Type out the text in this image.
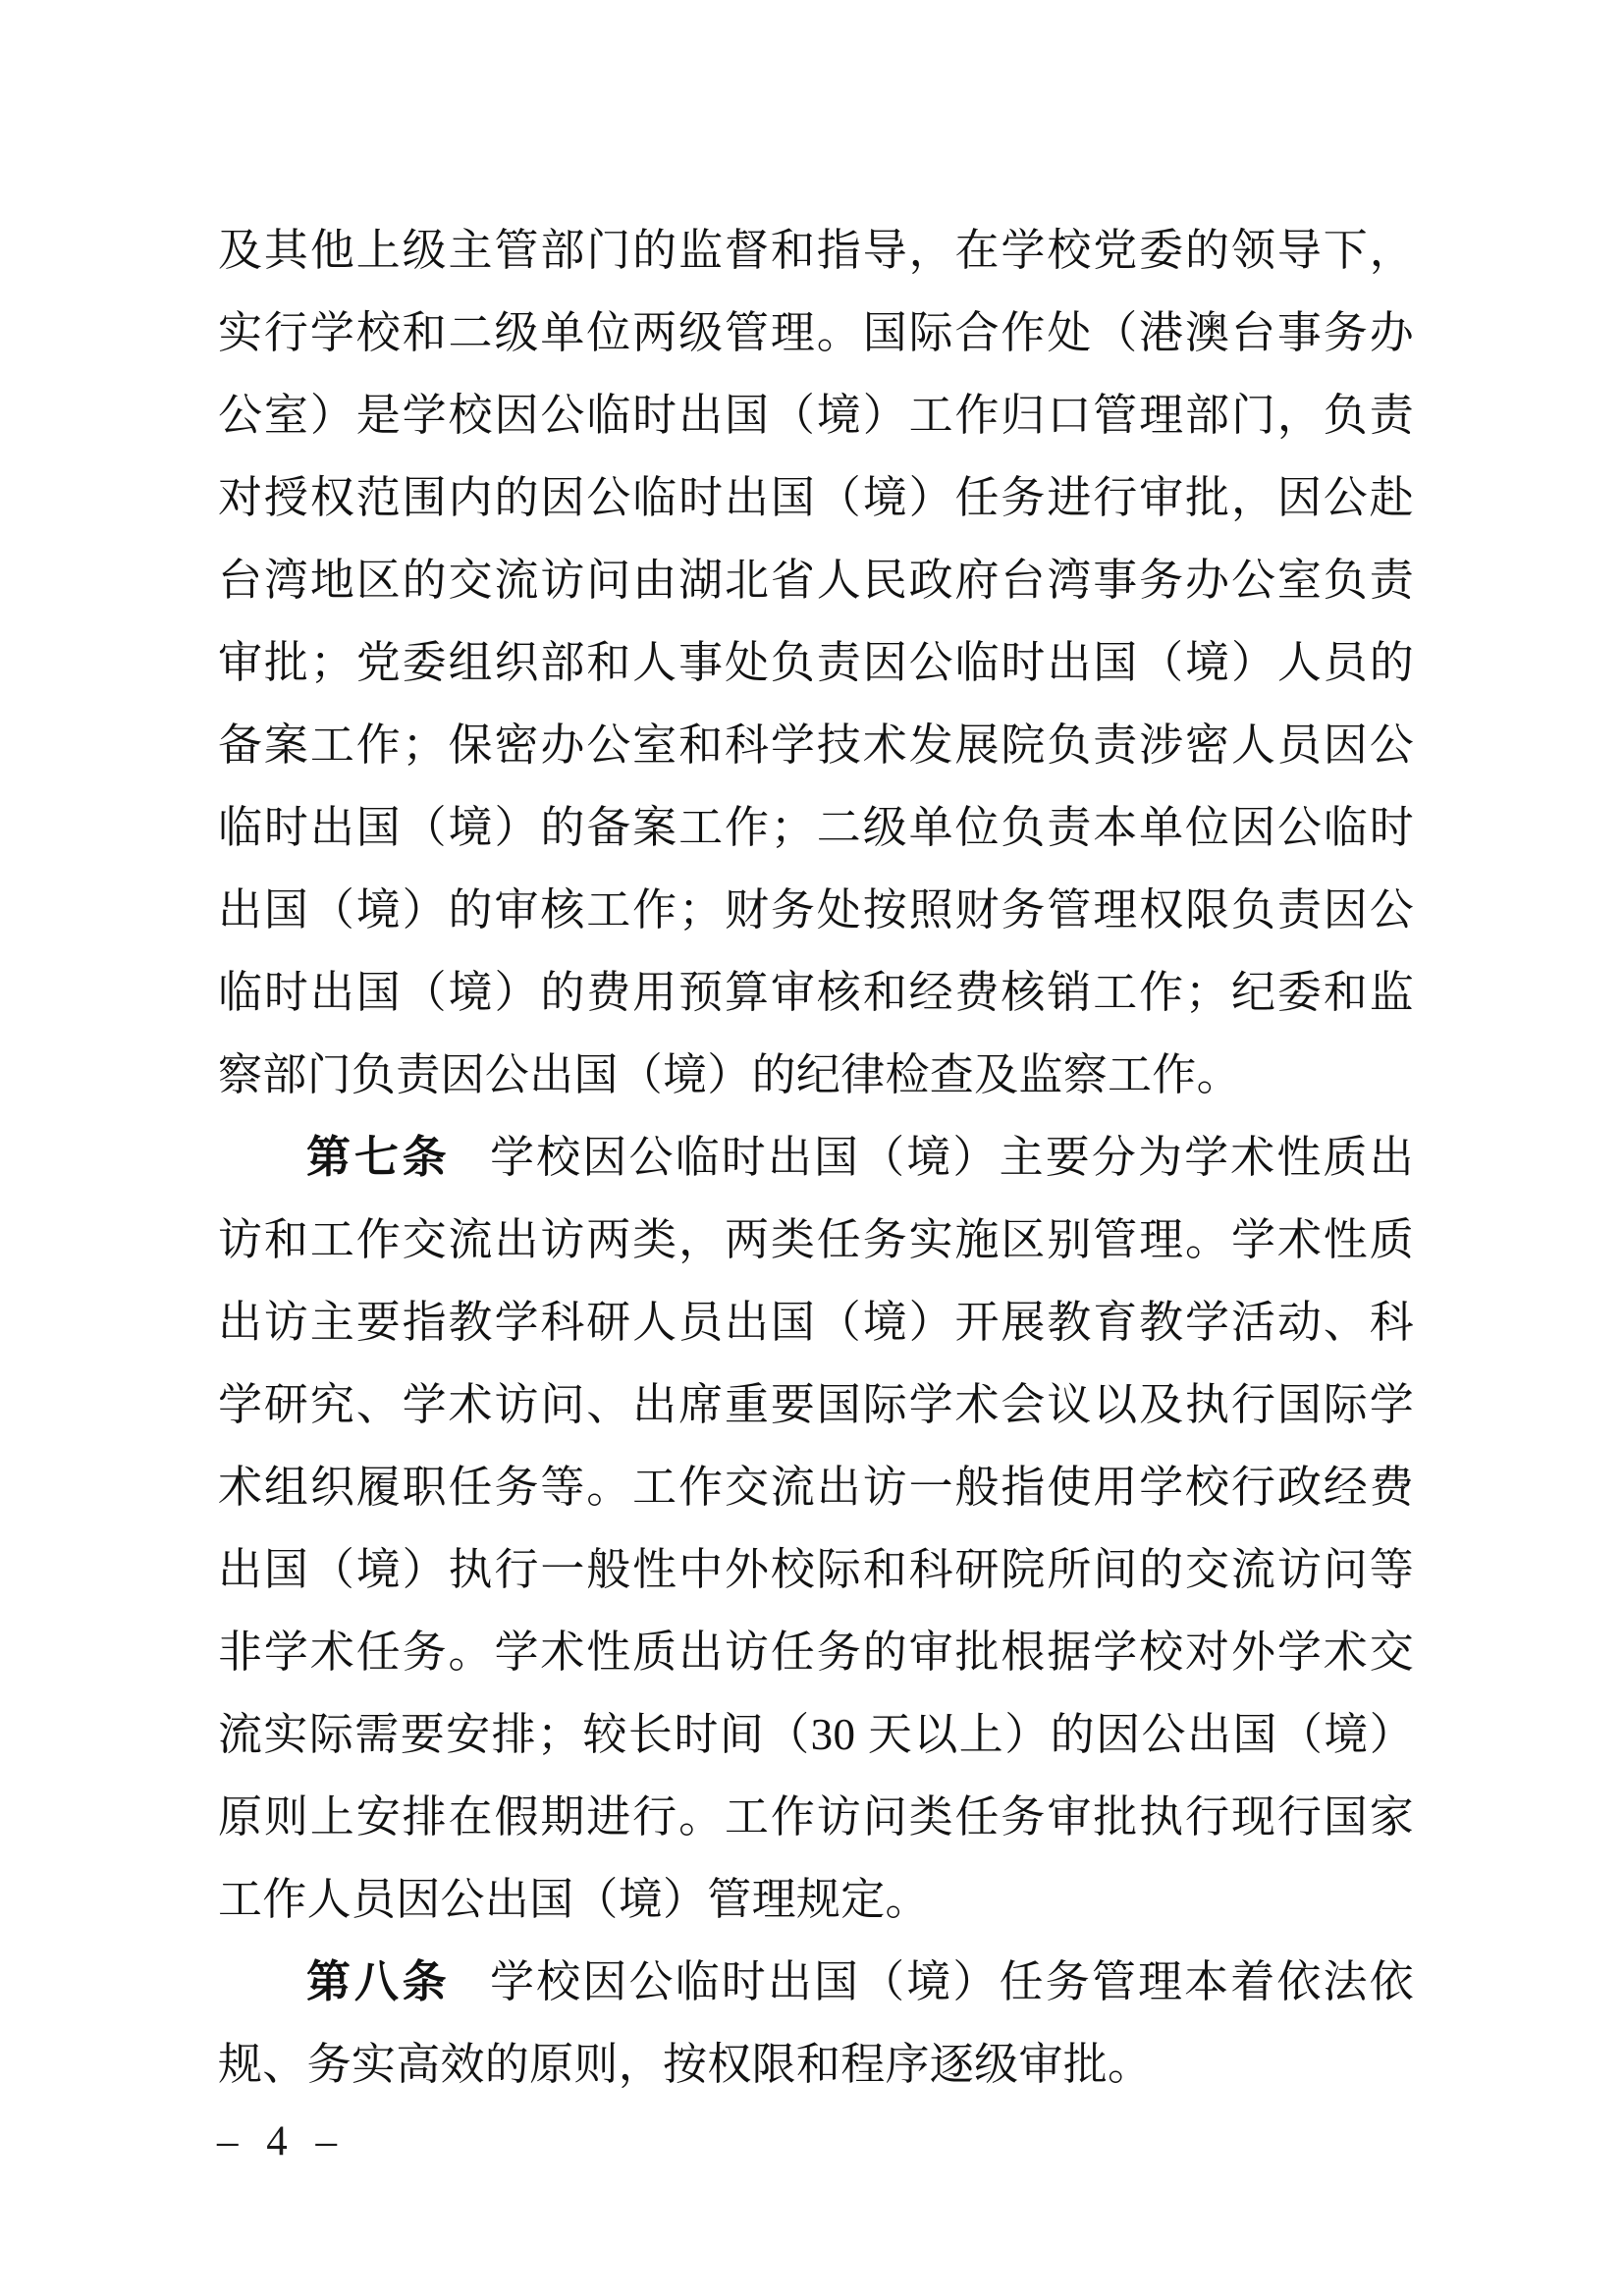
及其他上级主管部门的监督和指导，在学校党委的领导下，实行学校和二级单位两级管理。国际合作处（港澳台事务办公室）是学校因公临时出国（境）工作归口管理部门，负责对授权范围内的因公临时出国（境）任务进行审批，因公赴台湾地区的交流访问由湖北省人民政府台湾事务办公室负责审批；党委组织部和人事处负责因公临时出国（境）人员的备案工作；保密办公室和科学技术发展院负责涉密人员因公临时出国（境）的备案工作；二级单位负责本单位因公临时出国（境）的审核工作；财务处按照财务管理权限负责因公临时出国（境）的费用预算审核和经费核销工作；纪委和监察部门负责因公出国（境）的纪律检查及监察工作。

第七条 学校因公临时出国（境）主要分为学术性质出访和工作交流出访两类，两类任务实施区别管理。学术性质出访主要指教学科研人员出国（境）开展教育教学活动、科学研究、学术访问、出席重要国际学术会议以及执行国际学术组织履职任务等。工作交流出访一般指使用学校行政经费出国（境）执行一般性中外校际和科研院所间的交流访问等非学术任务。学术性质出访任务的审批根据学校对外学术交流实际需要安排；较长时间（30 天以上）的因公出国（境）原则上安排在假期进行。工作访问类任务审批执行现行国家工作人员因公出国（境）管理规定。

第八条 学校因公临时出国（境）任务管理本着依法依规、务实高效的原则，按权限和程序逐级审批。

– 4 –
